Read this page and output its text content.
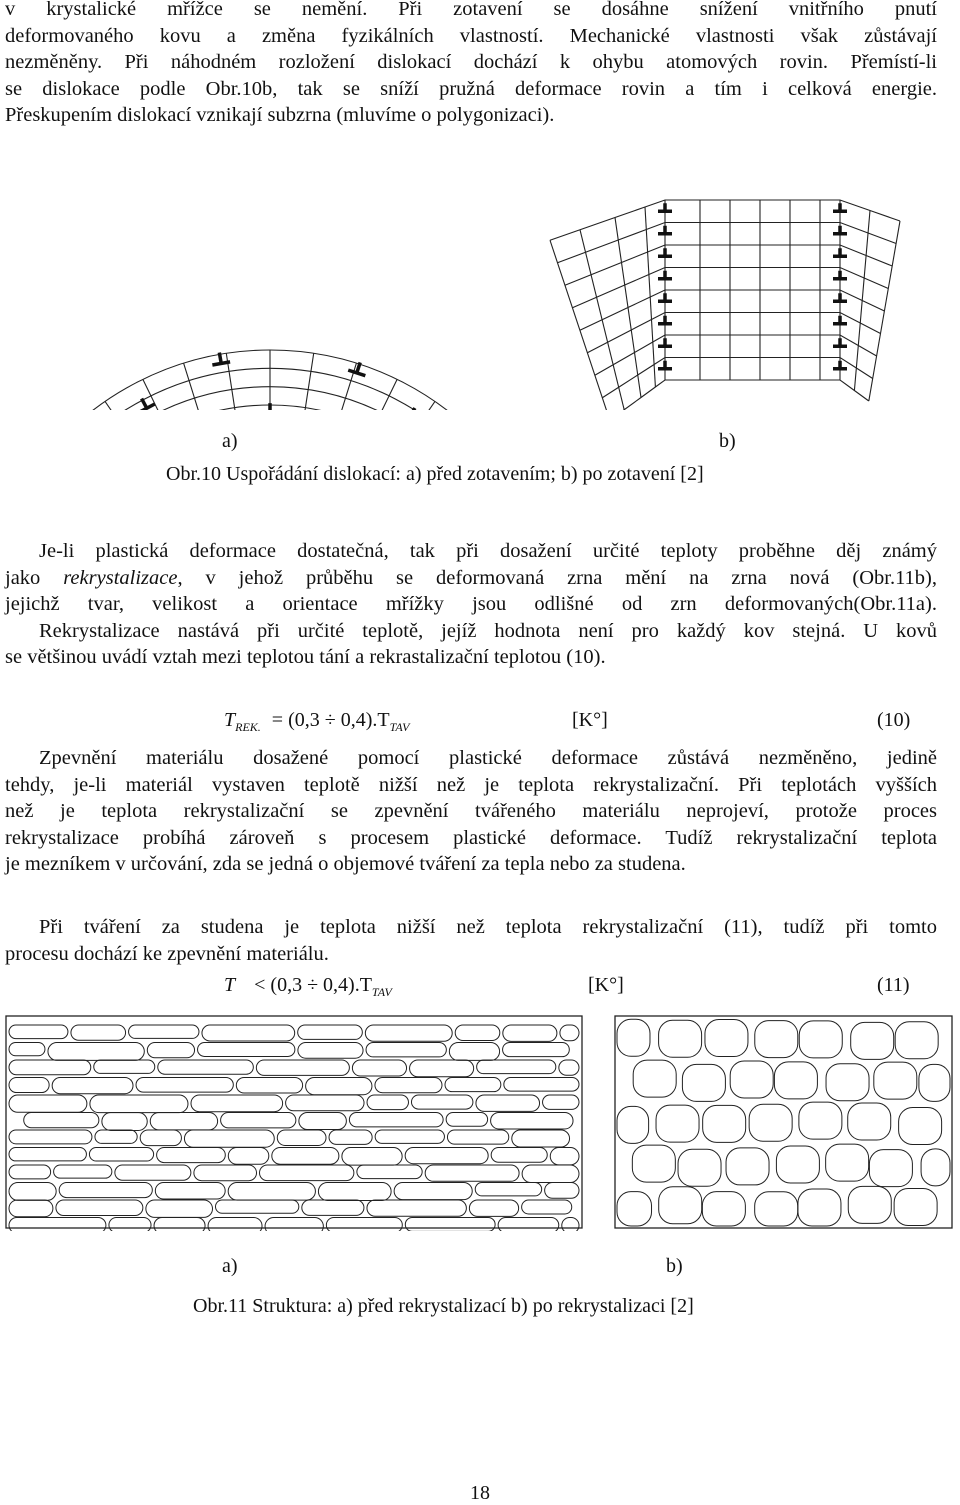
v krystalické mřížce se nemění. Při zotavení se dosáhne snížení vnitřního pnutí
deformovaného kovu a změna fyzikálních vlastností. Mechanické vlastnosti však zůstávají
nezměněny. Při náhodném rozložení dislokací dochází k ohybu atomových rovin. Přemístí-li
se dislokace podle Obr.10b, tak se sníží pružná deformace rovin a tím i celková energie.
Přeskupením dislokací vznikají subzrna (mluvíme o polygonizaci).
a)	b)
Obr.10 Uspořádání dislokací: a) před zotavením; b) po zotavení [2]
Je-li plastická deformace dostatečná, tak při dosažení určité teploty proběhne děj známý
jako rekrystalizace, v jehož průběhu se deformovaná zrna mění na zrna nová (Obr.11b),
jejichž tvar, velikost a orientace mřížky jsou odlišné od zrn deformovaných(Obr.11a).
Rekrystalizace nastává při určité teplotě, jejíž hodnota není pro každý kov stejná. U kovů
se většinou uvádí vztah mezi teplotou tání a rekrastalizační teplotou (10).
$T_{REK.} = (0,3 \div 0,4).T_{TAV}$	[K°]	(10)
Zpevnění materiálu dosažené pomocí plastické deformace zůstává nezměněno, jedině
tehdy, je-li materiál vystaven teplotě nižší než je teplota rekrystalizační. Při teplotách vyšších
než je teplota rekrystalizační se zpevnění tvářeného materiálu neprojeví, protože proces
rekrystalizace probíhá zároveň s procesem plastické deformace. Tudíž rekrystalizační teplota
je mezníkem v určování, zda se jedná o objemové tváření za tepla nebo za studena.
Při tváření za studena je teplota nižší než teplota rekrystalizační (11), tudíž při tomto
procesu dochází ke zpevnění materiálu.
$T < (0,3 \div 0,4).T_{TAV}$	[K°]	(11)
a)	b)
Obr.11 Struktura: a) před rekrystalizací b) po rekrystalizaci [2]
18
